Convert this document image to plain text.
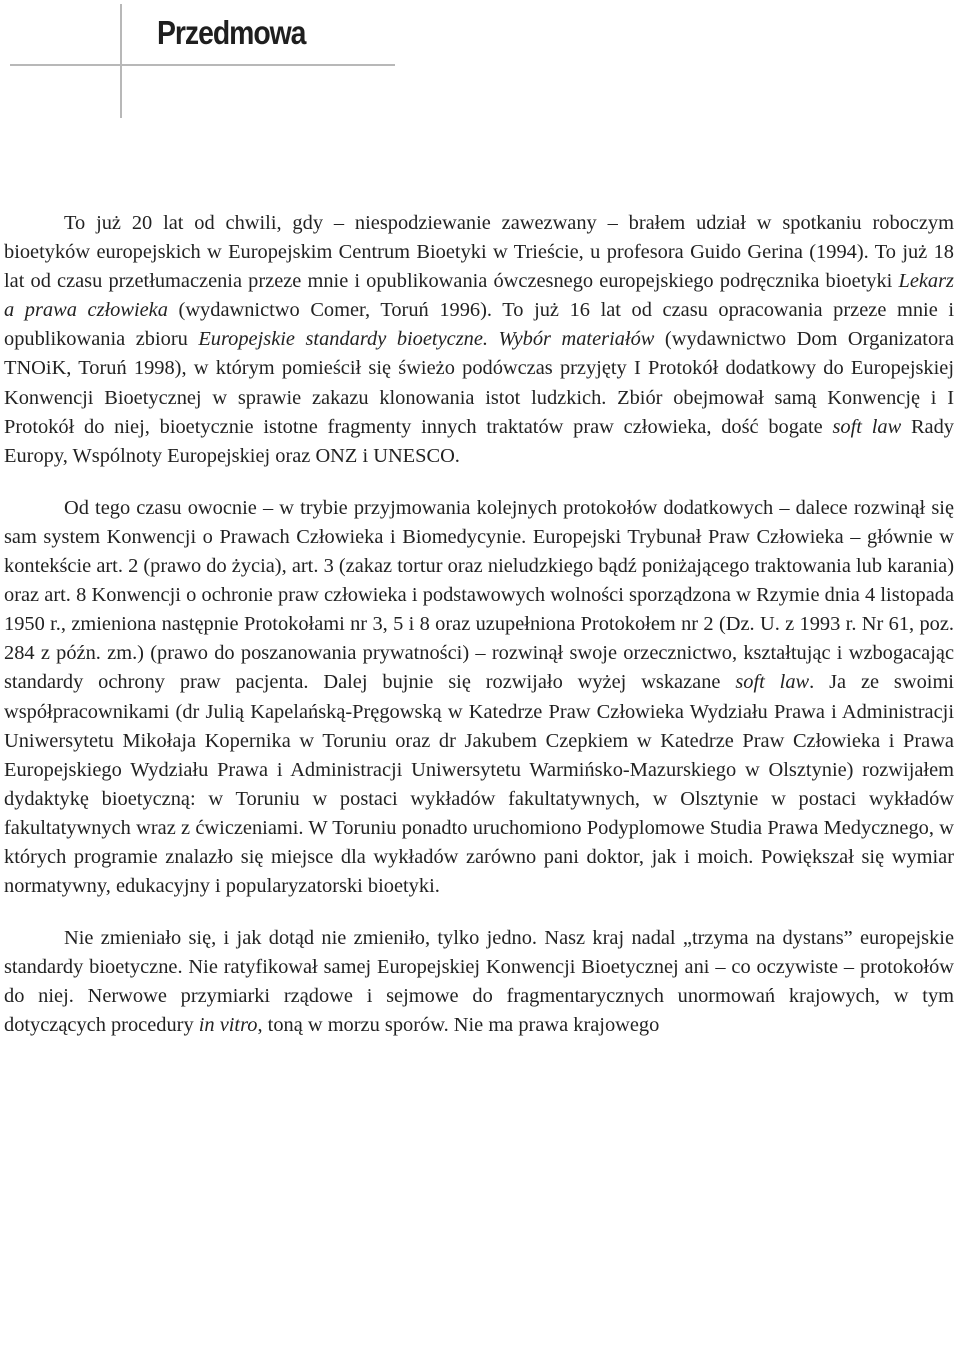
Przedmowa

To już 20 lat od chwili, gdy – niespodziewanie zawezwany – brałem udział w spotkaniu roboczym bioetyków europejskich w Europejskim Centrum Bioetyki w Trieście, u profesora Guido Gerina (1994). To już 18 lat od czasu przetłumaczenia przeze mnie i opublikowania ówczesnego europejskiego podręcznika bioetyki Lekarz a prawa człowieka (wydawnictwo Comer, Toruń 1996). To już 16 lat od czasu opracowania przeze mnie i opublikowania zbioru Europejskie standardy bioetyczne. Wybór materiałów (wydawnictwo Dom Organizatora TNOiK, Toruń 1998), w którym pomieścił się świeżo podówczas przyjęty I Protokół dodatkowy do Europejskiej Konwencji Bioetycznej w sprawie zakazu klonowania istot ludzkich. Zbiór obejmował samą Konwencję i I Protokół do niej, bioetycznie istotne fragmenty innych traktatów praw człowieka, dość bogate soft law Rady Europy, Wspólnoty Europejskiej oraz ONZ i UNESCO.

Od tego czasu owocnie – w trybie przyjmowania kolejnych protokołów dodatkowych – dalece rozwinął się sam system Konwencji o Prawach Człowieka i Biomedycynie. Europejski Trybunał Praw Człowieka – głównie w kontekście art. 2 (prawo do życia), art. 3 (zakaz tortur oraz nieludzkiego bądź poniżającego traktowania lub karania) oraz art. 8 Konwencji o ochronie praw człowieka i podstawowych wolności sporządzona w Rzymie dnia 4 listopada 1950 r., zmieniona następnie Protokołami nr 3, 5 i 8 oraz uzupełniona Protokołem nr 2 (Dz. U. z 1993 r. Nr 61, poz. 284 z późn. zm.) (prawo do poszanowania prywatności) – rozwinął swoje orzecznictwo, kształtując i wzbogacając standardy ochrony praw pacjenta. Dalej bujnie się rozwijało wyżej wskazane soft law. Ja ze swoimi współpracownikami (dr Julią Kapelańską-Pręgowską w Katedrze Praw Człowieka Wydziału Prawa i Administracji Uniwersytetu Mikołaja Kopernika w Toruniu oraz dr Jakubem Czepkiem w Katedrze Praw Człowieka i Prawa Europejskiego Wydziału Prawa i Administracji Uniwersytetu Warmińsko-Mazurskiego w Olsztynie) rozwijałem dydaktykę bioetyczną: w Toruniu w postaci wykładów fakultatywnych, w Olsztynie w postaci wykładów fakultatywnych wraz z ćwiczeniami. W Toruniu ponadto uruchomiono Podyplomowe Studia Prawa Medycznego, w których programie znalazło się miejsce dla wykładów zarówno pani doktor, jak i moich. Powiększał się wymiar normatywny, edukacyjny i popularyzatorski bioetyki.

Nie zmieniało się, i jak dotąd nie zmieniło, tylko jedno. Nasz kraj nadal „trzyma na dystans” europejskie standardy bioetyczne. Nie ratyfikował samej Europejskiej Konwencji Bioetycznej ani – co oczywiste – protokołów do niej. Nerwowe przymiarki rządowe i sejmowe do fragmentarycznych unormowań krajowych, w tym dotyczących procedury in vitro, toną w morzu sporów. Nie ma prawa krajowego
